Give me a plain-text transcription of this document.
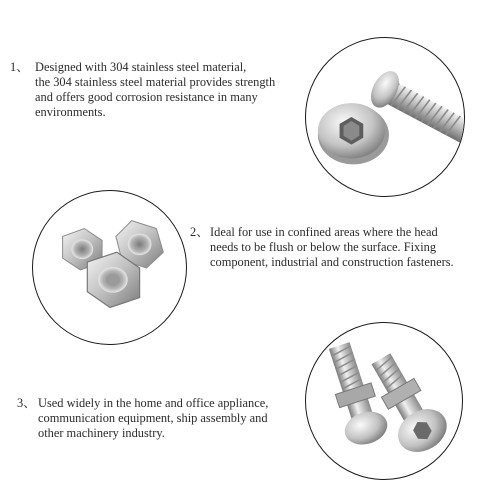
1、 Designed with 304 stainless steel material,
the 304 stainless steel material provides strength
and offers good corrosion resistance in many
environments.
2、 Ideal for use in confined areas where the head
needs to be flush or below the surface. Fixing
component, industrial and construction fasteners.
3、 Used widely in the home and office appliance,
communication equipment, ship assembly and
other machinery industry.
